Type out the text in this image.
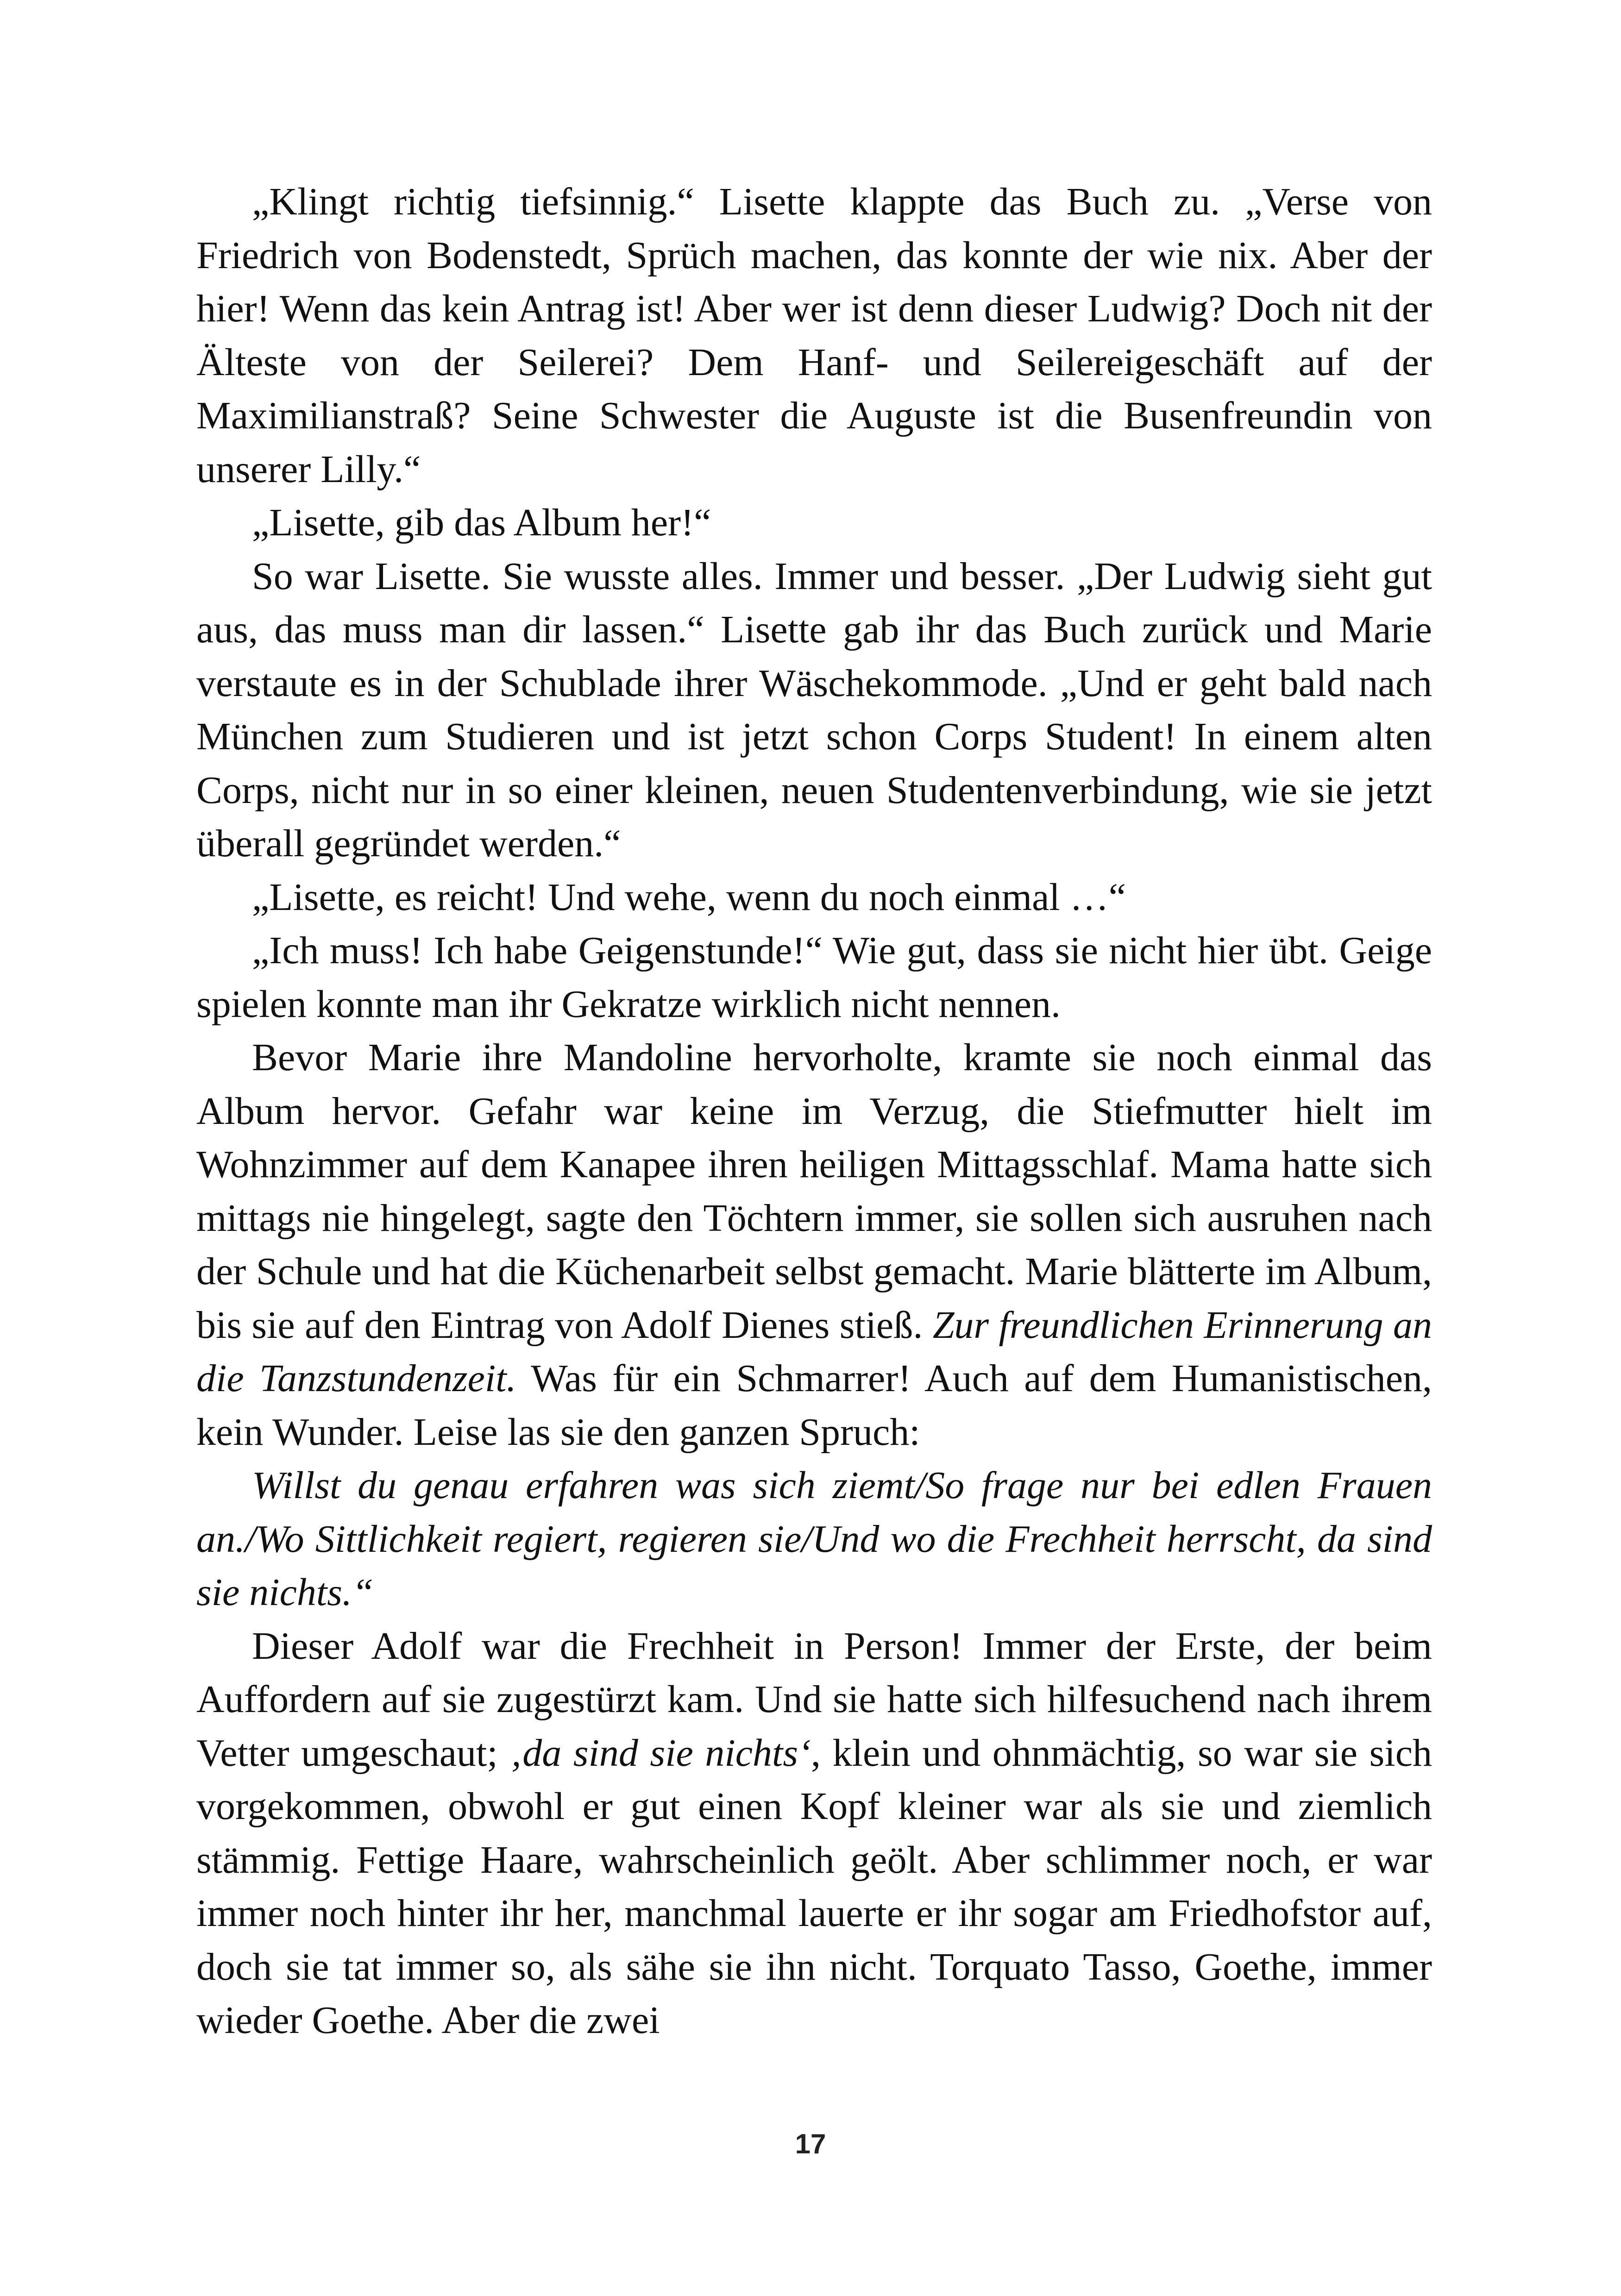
„Klingt richtig tiefsinnig.“ Lisette klappte das Buch zu. „Verse von Friedrich von Bodenstedt, Sprüch machen, das konnte der wie nix. Aber der hier! Wenn das kein Antrag ist! Aber wer ist denn dieser Ludwig? Doch nit der Älteste von der Seilerei? Dem Hanf- und Seilereigeschäft auf der Maximilianstraß? Seine Schwester die Auguste ist die Busenfreundin von unserer Lilly.“

„Lisette, gib das Album her!“

So war Lisette. Sie wusste alles. Immer und besser. „Der Ludwig sieht gut aus, das muss man dir lassen.“ Lisette gab ihr das Buch zurück und Marie verstaute es in der Schublade ihrer Wäschekommode. „Und er geht bald nach München zum Studieren und ist jetzt schon Corps Student! In einem alten Corps, nicht nur in so einer kleinen, neuen Studentenverbindung, wie sie jetzt überall gegründet werden.“

„Lisette, es reicht! Und wehe, wenn du noch einmal …“

„Ich muss! Ich habe Geigenstunde!“ Wie gut, dass sie nicht hier übt. Geige spielen konnte man ihr Gekratze wirklich nicht nennen.

Bevor Marie ihre Mandoline hervorholte, kramte sie noch einmal das Album hervor. Gefahr war keine im Verzug, die Stiefmutter hielt im Wohnzimmer auf dem Kanapee ihren heiligen Mittagsschlaf. Mama hatte sich mittags nie hingelegt, sagte den Töchtern immer, sie sollen sich ausruhen nach der Schule und hat die Küchenarbeit selbst gemacht. Marie blätterte im Album, bis sie auf den Eintrag von Adolf Dienes stieß. Zur freundlichen Erinnerung an die Tanzstundenzeit. Was für ein Schmarrer! Auch auf dem Humanistischen, kein Wunder. Leise las sie den ganzen Spruch:

Willst du genau erfahren was sich ziemt/So frage nur bei edlen Frauen an./Wo Sittlichkeit regiert, regieren sie/Und wo die Frechheit herrscht, da sind sie nichts.“

Dieser Adolf war die Frechheit in Person! Immer der Erste, der beim Auffordern auf sie zugestürzt kam. Und sie hatte sich hilfesuchend nach ihrem Vetter umgeschaut; ‚da sind sie nichts‘, klein und ohnmächtig, so war sie sich vorgekommen, obwohl er gut einen Kopf kleiner war als sie und ziemlich stämmig. Fettige Haare, wahrscheinlich geölt. Aber schlimmer noch, er war immer noch hinter ihr her, manchmal lauerte er ihr sogar am Friedhofstor auf, doch sie tat immer so, als sähe sie ihn nicht. Torquato Tasso, Goethe, immer wieder Goethe. Aber die zwei

17
